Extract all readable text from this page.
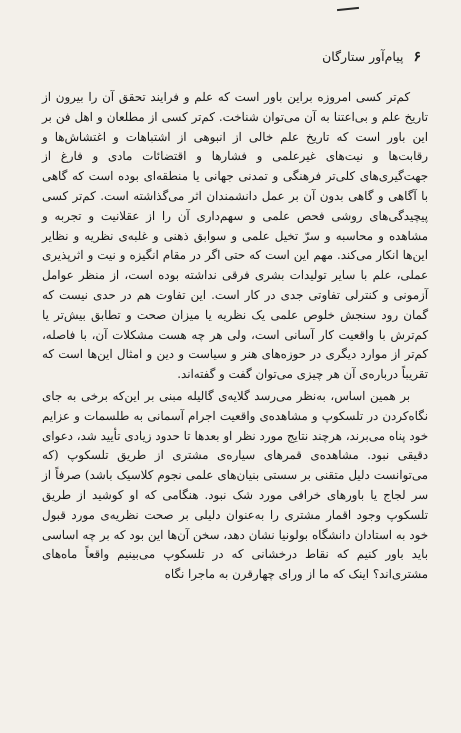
۶
پیام‌آور ستارگان

کم‌تر کسی امروزه براین باور است که علم و فرایند تحقق آن را بیرون از تاریخ علم و بی‌اعتنا به آن می‌توان شناخت. کم‌تر کسی از مطلعان و اهل فن بر این باور است که تاریخ علم خالی از انبوهی از اشتباهات و اغتشاش‌ها و رقابت‌ها و نیت‌های غیرعلمی و فشارها و اقتضائات مادی و فارغ از جهت‌گیری‌های کلی‌تر فرهنگی و تمدنی جهانی یا منطقه‌ای بوده است که گاهی با آگاهی و گاهی بدون آن بر عمل دانشمندان اثر می‌گذاشته است. کم‌تر کسی پیچیدگی‌های روشی فحص علمی و سهم‌داری آن را از عقلانیت و تجربه و مشاهده و محاسبه و سرّ تخیل علمی و سوابق ذهنی و غلبه‌ی نظریه و نظایر این‌ها انکار می‌کند. مهم این است که حتی اگر در مقام انگیزه و نیت و اثرپذیری عملی، علم با سایر تولیدات بشری فرقی نداشته بوده است، از منظر عوامل آزمونی و کنترلی تفاوتی جدی در کار است. این تفاوت هم در حدی نیست که گمان رود سنجش خلوص علمی یک نظریه یا میزان صحت و تطابق بیش‌تر یا کم‌ترش با واقعیت کار آسانی است، ولی هر چه هست مشکلات آن، با فاصله، کم‌تر از موارد دیگری در حوزه‌های هنر و سیاست و دین و امثال این‌ها است که تقریباً درباره‌ی آن هر چیزی می‌توان گفت و گفته‌اند.

بر همین اساس، به‌نظر می‌رسد گلایه‌ی گالیله مبنی بر این‌که برخی به جای نگاه‌کردن در تلسکوپ و مشاهده‌ی واقعیت اجرام آسمانی به طلسمات و عزایم خود پناه می‌برند، هرچند نتایج مورد نظر او بعدها تا حدود زیادی تأیید شد، دعوای دقیقی نبود. مشاهده‌ی قمرهای سیاره‌ی مشتری از طریق تلسکوپ (که می‌توانست دلیل متقنی بر سستی بنیان‌های علمی نجوم کلاسیک باشد) صرفاً از سر لجاج یا باورهای خرافی مورد شک نبود. هنگامی که او کوشید از طریق تلسکوپ وجود اقمار مشتری را به‌عنوان دلیلی بر صحت نظریه‌ی مورد قبول خود به استادان دانشگاه بولونیا نشان دهد، سخن آن‌ها این بود که بر چه اساسی باید باور کنیم که نقاط درخشانی که در تلسکوپ می‌بینیم واقعاً ماه‌های مشتری‌اند؟ اینک که ما از ورای چهارقرن به ماجرا نگاه
